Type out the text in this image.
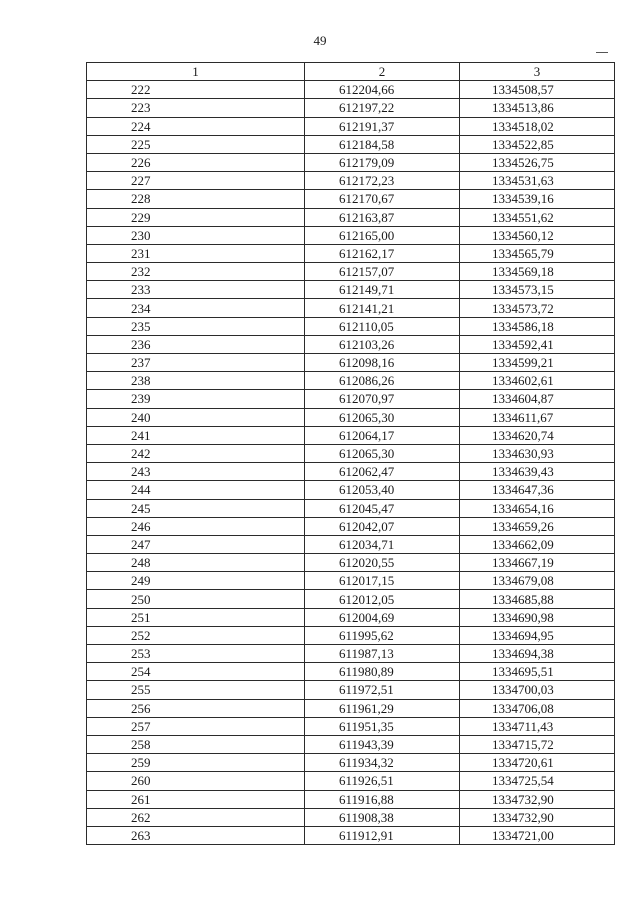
49
1	2	3
222	612204,66	1334508,57
223	612197,22	1334513,86
224	612191,37	1334518,02
225	612184,58	1334522,85
226	612179,09	1334526,75
227	612172,23	1334531,63
228	612170,67	1334539,16
229	612163,87	1334551,62
230	612165,00	1334560,12
231	612162,17	1334565,79
232	612157,07	1334569,18
233	612149,71	1334573,15
234	612141,21	1334573,72
235	612110,05	1334586,18
236	612103,26	1334592,41
237	612098,16	1334599,21
238	612086,26	1334602,61
239	612070,97	1334604,87
240	612065,30	1334611,67
241	612064,17	1334620,74
242	612065,30	1334630,93
243	612062,47	1334639,43
244	612053,40	1334647,36
245	612045,47	1334654,16
246	612042,07	1334659,26
247	612034,71	1334662,09
248	612020,55	1334667,19
249	612017,15	1334679,08
250	612012,05	1334685,88
251	612004,69	1334690,98
252	611995,62	1334694,95
253	611987,13	1334694,38
254	611980,89	1334695,51
255	611972,51	1334700,03
256	611961,29	1334706,08
257	611951,35	1334711,43
258	611943,39	1334715,72
259	611934,32	1334720,61
260	611926,51	1334725,54
261	611916,88	1334732,90
262	611908,38	1334732,90
263	611912,91	1334721,00
